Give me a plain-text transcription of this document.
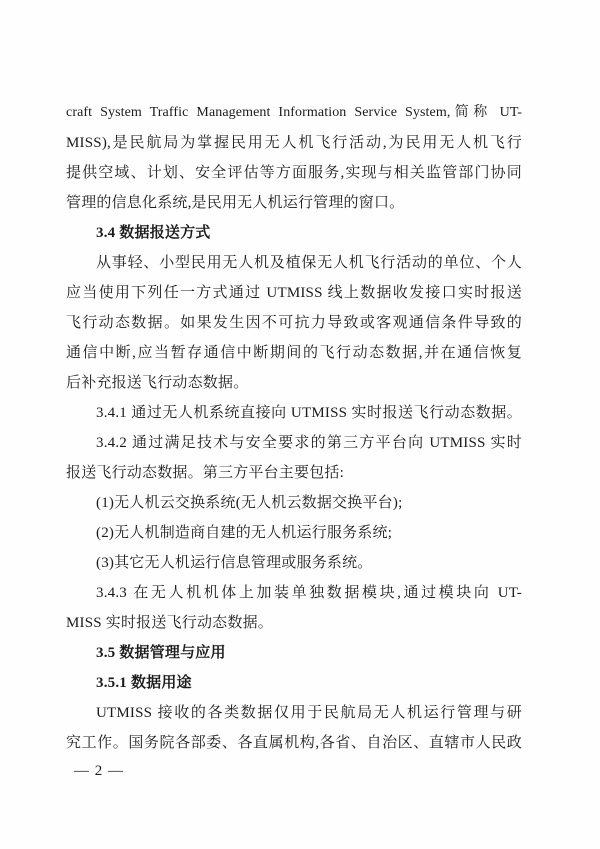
craft System Traffic Management Information Service System,简称 UT-
MISS),是民航局为掌握民用无人机飞行活动,为民用无人机飞行
提供空域、计划、安全评估等方面服务,实现与相关监管部门协同
管理的信息化系统,是民用无人机运行管理的窗口。
3.4 数据报送方式
从事轻、小型民用无人机及植保无人机飞行活动的单位、个人
应当使用下列任一方式通过 UTMISS 线上数据收发接口实时报送
飞行动态数据。如果发生因不可抗力导致或客观通信条件导致的
通信中断,应当暂存通信中断期间的飞行动态数据,并在通信恢复
后补充报送飞行动态数据。
3.4.1 通过无人机系统直接向 UTMISS 实时报送飞行动态数据。
3.4.2 通过满足技术与安全要求的第三方平台向 UTMISS 实时
报送飞行动态数据。第三方平台主要包括:
(1)无人机云交换系统(无人机云数据交换平台);
(2)无人机制造商自建的无人机运行服务系统;
(3)其它无人机运行信息管理或服务系统。
3.4.3 在无人机机体上加装单独数据模块,通过模块向 UT-
MISS 实时报送飞行动态数据。
3.5 数据管理与应用
3.5.1 数据用途
UTMISS 接收的各类数据仅用于民航局无人机运行管理与研
究工作。国务院各部委、各直属机构,各省、自治区、直辖市人民政
— 2 —
